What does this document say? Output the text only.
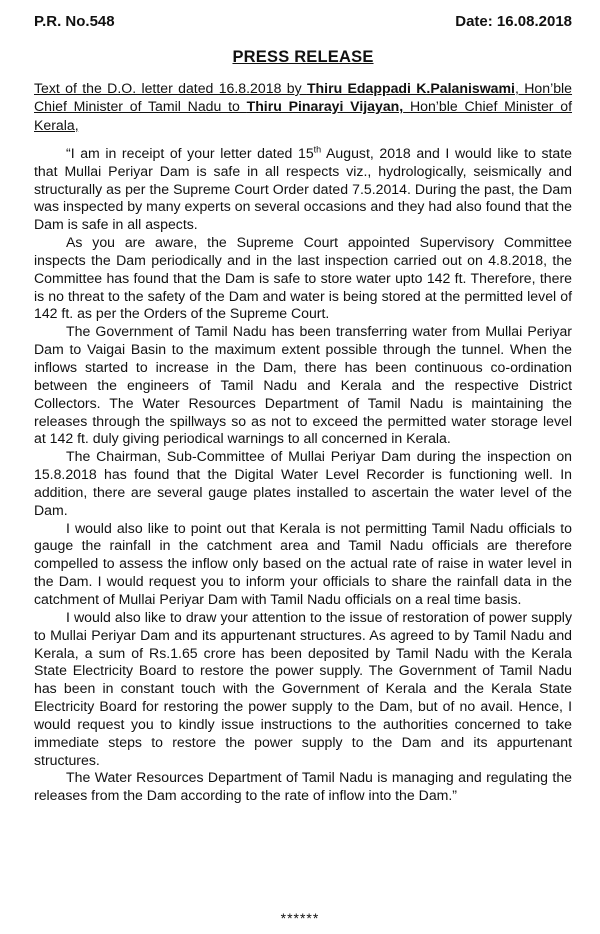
P.R. No.548	Date: 16.08.2018
PRESS RELEASE
Text of the D.O. letter dated 16.8.2018 by Thiru Edappadi K.Palaniswami, Hon’ble Chief Minister of Tamil Nadu to Thiru Pinarayi Vijayan, Hon’ble Chief Minister of Kerala,

“I am in receipt of your letter dated 15th August, 2018 and I would like to state that Mullai Periyar Dam is safe in all respects viz., hydrologically, seismically and structurally as per the Supreme Court Order dated 7.5.2014. During the past, the Dam was inspected by many experts on several occasions and they had also found that the Dam is safe in all aspects.

As you are aware, the Supreme Court appointed Supervisory Committee inspects the Dam periodically and in the last inspection carried out on 4.8.2018, the Committee has found that the Dam is safe to store water upto 142 ft. Therefore, there is no threat to the safety of the Dam and water is being stored at the permitted level of 142 ft. as per the Orders of the Supreme Court.

The Government of Tamil Nadu has been transferring water from Mullai Periyar Dam to Vaigai Basin to the maximum extent possible through the tunnel. When the inflows started to increase in the Dam, there has been continuous co-ordination between the engineers of Tamil Nadu and Kerala and the respective District Collectors. The Water Resources Department of Tamil Nadu is maintaining the releases through the spillways so as not to exceed the permitted water storage level at 142 ft. duly giving periodical warnings to all concerned in Kerala.

The Chairman, Sub-Committee of Mullai Periyar Dam during the inspection on 15.8.2018 has found that the Digital Water Level Recorder is functioning well. In addition, there are several gauge plates installed to ascertain the water level of the Dam.

I would also like to point out that Kerala is not permitting Tamil Nadu officials to gauge the rainfall in the catchment area and Tamil Nadu officials are therefore compelled to assess the inflow only based on the actual rate of raise in water level in the Dam. I would request you to inform your officials to share the rainfall data in the catchment of Mullai Periyar Dam with Tamil Nadu officials on a real time basis.

I would also like to draw your attention to the issue of restoration of power supply to Mullai Periyar Dam and its appurtenant structures. As agreed to by Tamil Nadu and Kerala, a sum of Rs.1.65 crore has been deposited by Tamil Nadu with the Kerala State Electricity Board to restore the power supply. The Government of Tamil Nadu has been in constant touch with the Government of Kerala and the Kerala State Electricity Board for restoring the power supply to the Dam, but of no avail. Hence, I would request you to kindly issue instructions to the authorities concerned to take immediate steps to restore the power supply to the Dam and its appurtenant structures.

The Water Resources Department of Tamil Nadu is managing and regulating the releases from the Dam according to the rate of inflow into the Dam.”

******
